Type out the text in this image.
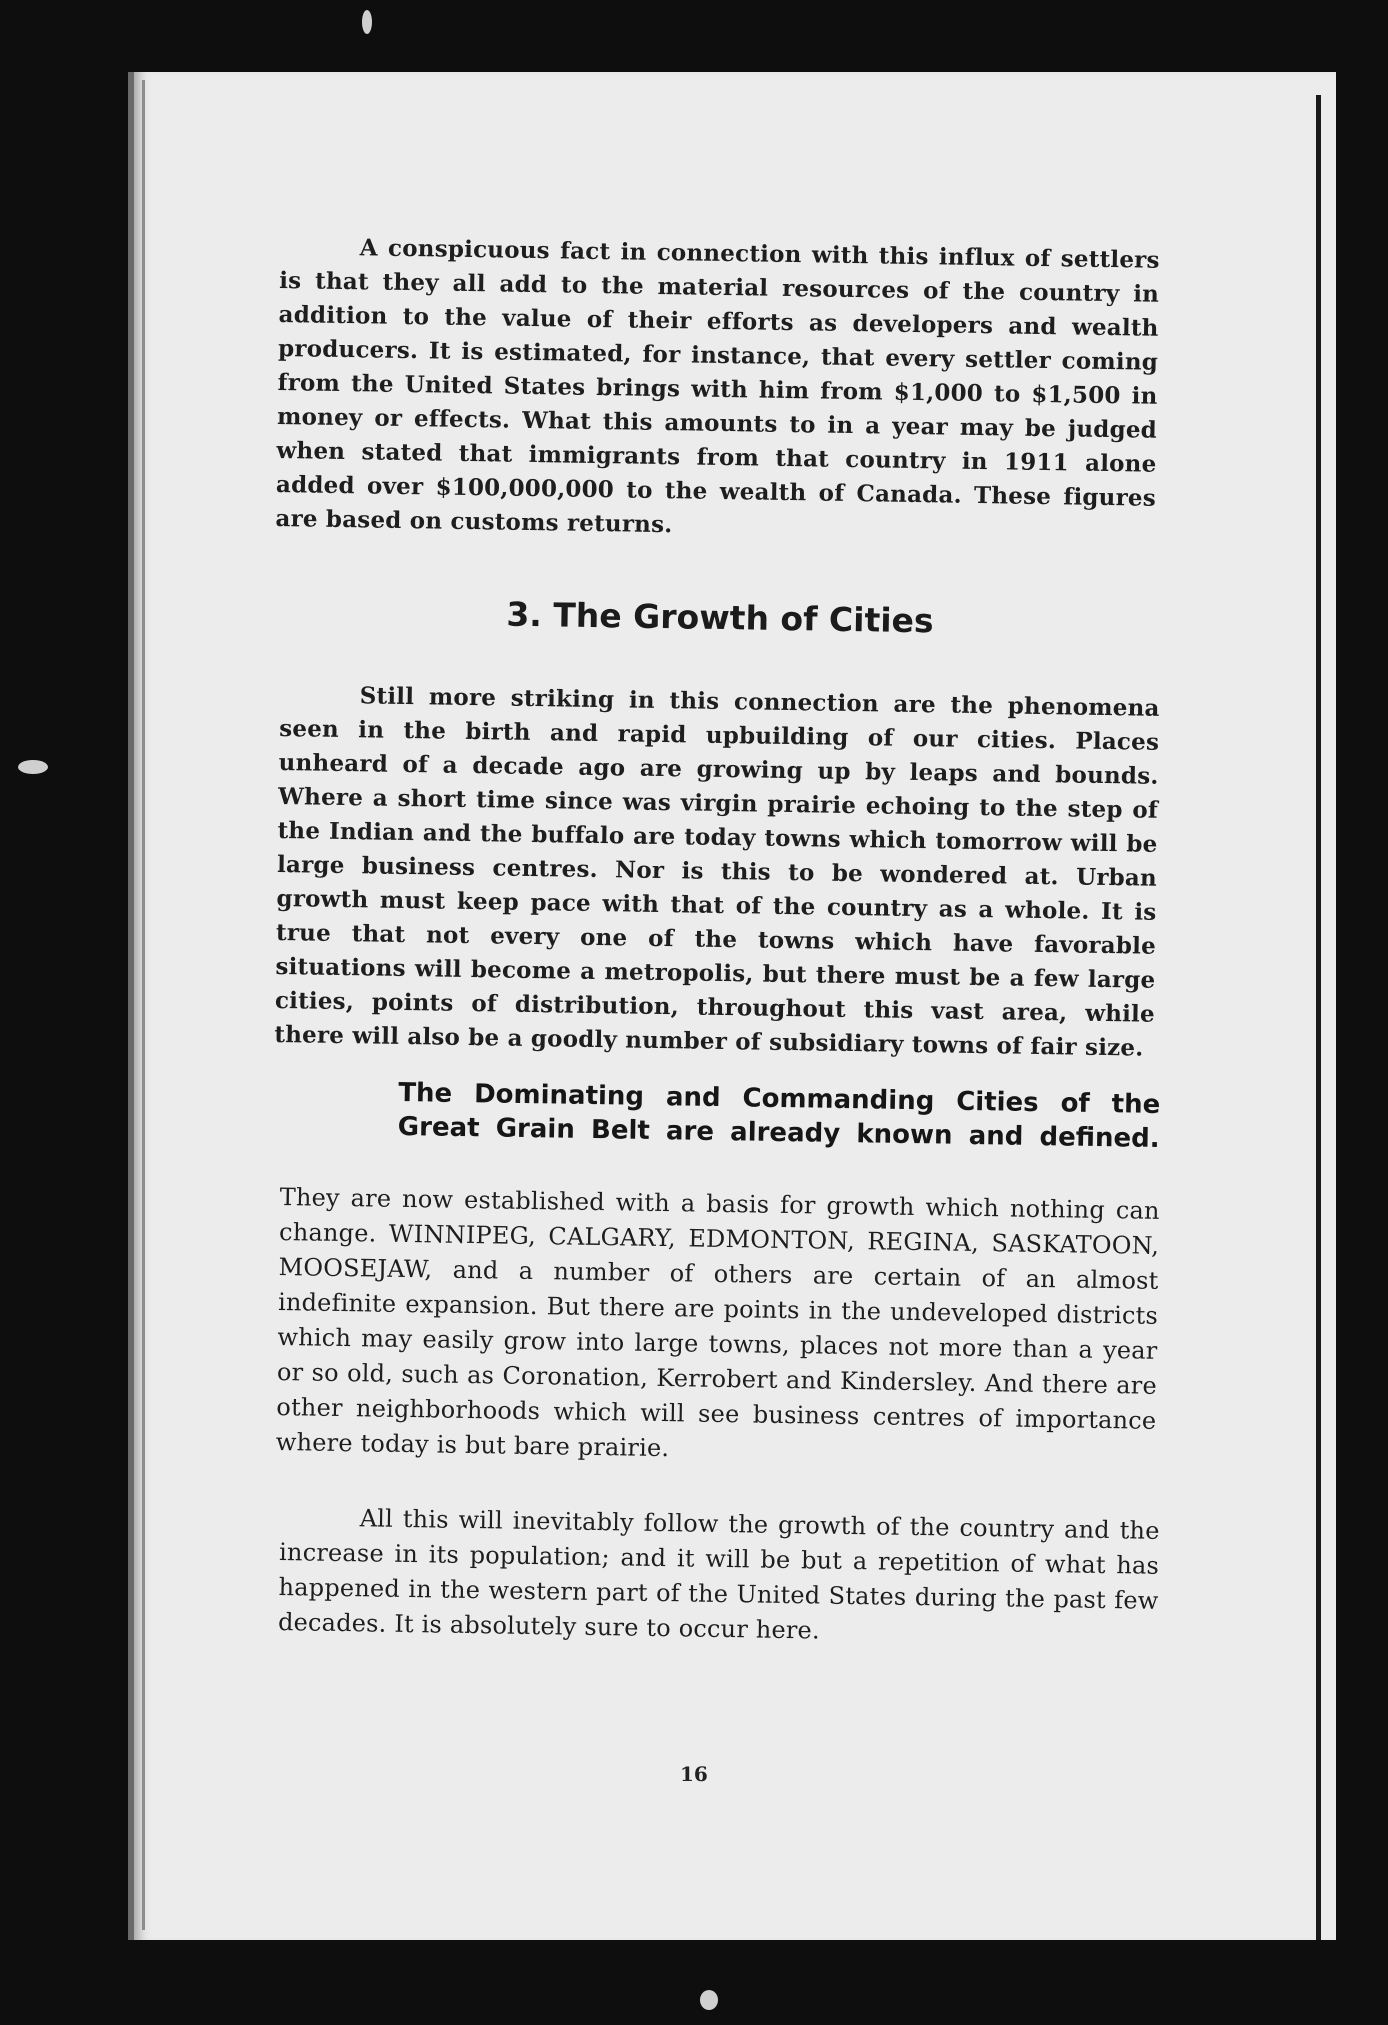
A conspicuous fact in connection with this influx of settlers is that they all add to the material resources of the country in addition to the value of their efforts as developers and wealth producers. It is estimated, for instance, that every settler coming from the United States brings with him from $1,000 to $1,500 in money or effects. What this amounts to in a year may be judged when stated that immigrants from that country in 1911 alone added over $100,000,000 to the wealth of Canada. These figures are based on customs returns.

3. The Growth of Cities

Still more striking in this connection are the phenomena seen in the birth and rapid upbuilding of our cities. Places unheard of a decade ago are growing up by leaps and bounds. Where a short time since was virgin prairie echoing to the step of the Indian and the buffalo are today towns which tomorrow will be large business centres. Nor is this to be wondered at. Urban growth must keep pace with that of the country as a whole. It is true that not every one of the towns which have favorable situations will become a metropolis, but there must be a few large cities, points of distribution, throughout this vast area, while there will also be a goodly number of subsidiary towns of fair size.

The Dominating and Commanding Cities of the Great Grain Belt are already known and defined.

They are now established with a basis for growth which nothing can change. WINNIPEG, CALGARY, EDMONTON, REGINA, SASKATOON, MOOSEJAW, and a number of others are certain of an almost indefinite expansion. But there are points in the undeveloped districts which may easily grow into large towns, places not more than a year or so old, such as Coronation, Kerrobert and Kindersley. And there are other neighborhoods which will see business centres of importance where today is but bare prairie.

All this will inevitably follow the growth of the country and the increase in its population; and it will be but a repetition of what has happened in the western part of the United States during the past few decades. It is absolutely sure to occur here.

16
